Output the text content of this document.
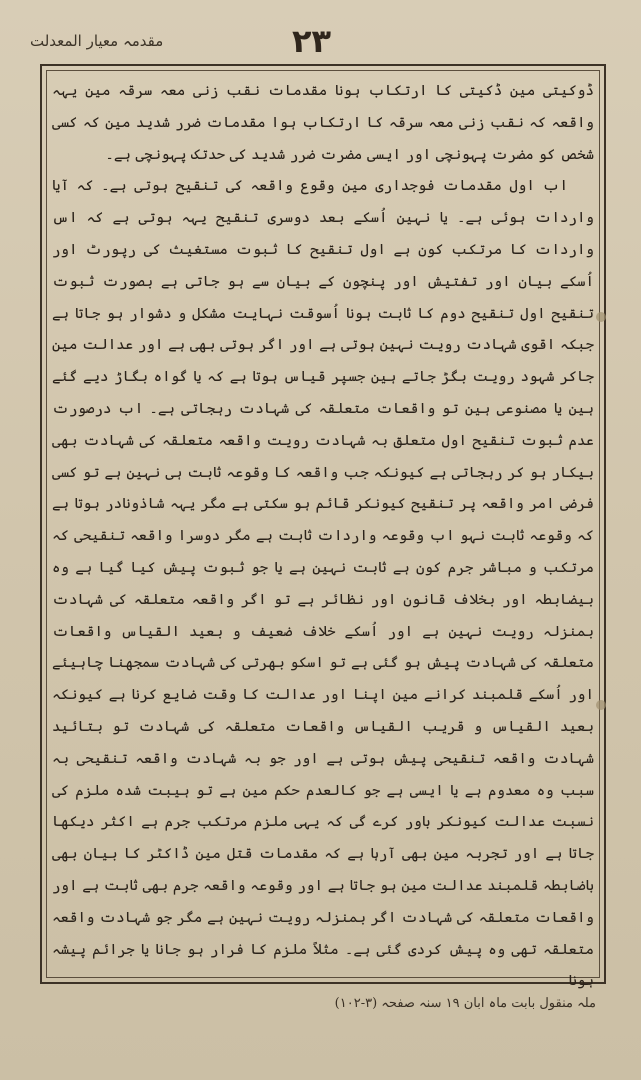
مقدمہ معیار المعدلت	۲۳

ڈوکیتی مین ڈکیتی کا ارتکاب ہونا مقدمات نقب زنی معہ سرقہ مین یہہ واقعہ کہ نقب زنی معہ سرقہ کا ارتکاب ہوا مقدمات ضرر شدید مین کہ کسی شخص کو مضرت پہونچی اور ایسی مضرت ضرر شدید کی حدتک پہونچی ہے۔

اب اول مقدمات فوجداری مین وقوع واقعہ کی تنقیح ہوتی ہے۔ کہ آیا واردات ہوئی ہے۔ یا نہین اُسکے بعد دوسری تنقیح یہہ ہوتی ہے کہ اس واردات کا مرتکب کون ہے اول تنقیح کا ثبوت مستغیث کی رپورٹ اور اُسکے بیان اور تفتیش اور پنچون کے بیان سے ہو جاتی ہے بصورت ثبوت تنقیح اول تنقیح دوم کا ثابت ہونا اُسوقت نہایت مشکل و دشوار ہو جاتا ہے جبکہ اقوی شہادت رویت نہین ہوتی ہے اور اگر ہوتی بھی ہے اور عدالت مین جاکر شہود رویت بگڑ جاتے ہین جسپر قیاس ہوتا ہے کہ یا گواہ بگاڑ دیے گئے ہین یا مصنوعی ہین تو واقعات متعلقہ کی شہادت رہجاتی ہے۔ اب درصورت عدم ثبوت تنقیح اول متعلق بہ شہادت رویت واقعہ متعلقہ کی شہادت بھی بیکار ہو کر رہجاتی ہے کیونکہ جب واقعہ کا وقوعہ ثابت ہی نہین ہے تو کسی فرضی امر واقعہ پر تنقیح کیونکر قائم ہو سکتی ہے مگر یہہ شاذونادر ہوتا ہے کہ وقوعہ ثابت نہو اب وقوعہ واردات ثابت ہے مگر دوسرا واقعہ تنقیحی کہ مرتکب و مباشر جرم کون ہے ثابت نہین ہے یا جو ثبوت پیش کیا گیا ہے وہ بیضابطہ اور بخلاف قانون اور نظائر ہے تو اگر واقعہ متعلقہ کی شہادت بمنزلہ رویت نہین ہے اور اُسکے خلاف ضعیف و بعید القیاس واقعات متعلقہ کی شہادت پیش ہو گئی ہے تو اسکو بھرتی کی شہادت سمجھنا چاہیئے اور اُسکے قلمبند کرانے مین اپنا اور عدالت کا وقت ضایع کرنا ہے کیونکہ بعید القیاس و قریب القیاس واقعات متعلقہ کی شہادت تو بتائید شہادت واقعہ تنقیحی پیش ہوتی ہے اور جو بہ شہادت واقعہ تنقیحی بہ سبب وہ معدوم ہے یا ایسی ہے جو کالعدم حکم مین ہے تو ہیبت شدہ ملزم کی نسبت عدالت کیونکر باور کرے گی کہ یہی ملزم مرتکب جرم ہے اکثر دیکھا جاتا ہے اور تجربہ مین بھی آرہا ہے کہ مقدمات قتل مین ڈاکٹر کا بیان بھی باضابطہ قلمبند عدالت مین ہو جاتا ہے اور وقوعہ واقعہ جرم بھی ثابت ہے اور واقعات متعلقہ کی شہادت اگر بمنزلہ رویت نہین ہے مگر جو شہادت واقعہ متعلقہ تھی وہ پیش کردی گئی ہے۔ مثلاً ملزم کا فرار ہو جانا یا جرائم پیشہ ہونا

ملہ منقول بابت ماہ ابان ۱۹ سنہ صفحہ (۳-۱۰۲)
